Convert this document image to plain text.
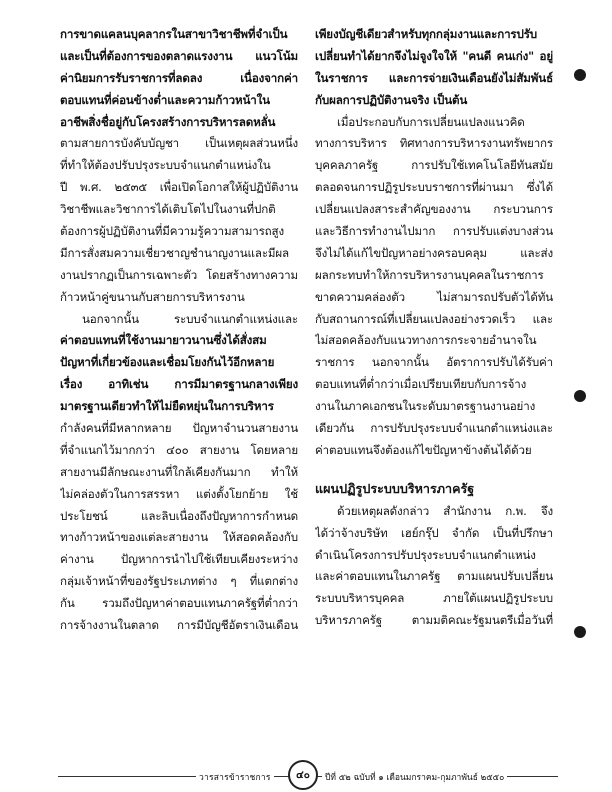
การขาดแคลนบุคลากรในสาขาวิชาชีพที่จำเป็น
และเป็นที่ต้องการของตลาดแรงงาน แนวโน้ม
ค่านิยมการรับราชการที่ลดลง เนื่องจากค่า
ตอบแทนที่ค่อนข้างต่ำและความก้าวหน้าใน
อาชีพสิ่งชื่อยู่กับโครงสร้างการบริหารลดหลั่น
ตามสายการบังคับบัญชา เป็นเหตุผลส่วนหนึ่ง
ที่ทำให้ต้องปรับปรุงระบบจำแนกตำแหน่งใน
ปี พ.ศ. ๒๕๓๕ เพื่อเปิดโอกาสให้ผู้ปฏิบัติงาน
วิชาชีพและวิชาการได้เติบโตไปในงานที่ปกติ
ต้องการผู้ปฏิบัติงานที่มีความรู้ความสามารถสูง
มีการสั่งสมความเชี่ยวชาญชำนาญงานและมีผล
งานปรากฏเป็นการเฉพาะตัว โดยสร้างทางความ
ก้าวหน้าคู่ขนานกับสายการบริหารงาน
นอกจากนั้น ระบบจำแนกตำแหน่งและ
ค่าตอบแทนที่ใช้งานมายาวนานซึ่งได้สั่งสม
ปัญหาที่เกี่ยวข้องและเชื่อมโยงกันไว้อีกหลาย
เรื่อง อาทิเช่น การมีมาตรฐานกลางเพียง
มาตรฐานเดียวทำให้ไม่ยืดหยุ่นในการบริหาร
กำลังคนที่มีหลากหลาย ปัญหาจำนวนสายงาน
ที่จำแนกไว้มากกว่า ๔๐๐ สายงาน โดยหลาย
สายงานมีลักษณะงานที่ใกล้เคียงกันมาก ทำให้
ไม่คล่องตัวในการสรรหา แต่งตั้งโยกย้าย ใช้
ประโยชน์ และลิบเนื่องถึงปัญหาการกำหนด
ทางก้าวหน้าของแต่ละสายงาน ให้สอดคล้องกับ
ค่างาน ปัญหาการนำไปใช้เทียบเคียงระหว่าง
กลุ่มเจ้าหน้าที่ของรัฐประเภทต่าง ๆ ที่แตกต่าง
กัน รวมถึงปัญหาค่าตอบแทนภาครัฐที่ต่ำกว่า
การจ้างงานในตลาด การมีบัญชีอัตราเงินเดือน
เพียงบัญชีเดียวสำหรับทุกกลุ่มงานและการปรับ
เปลี่ยนทำได้ยากจึงไม่จูงใจให้ "คนดี คนเก่ง" อยู่
ในราชการ และการจ่ายเงินเดือนยังไม่สัมพันธ์
กับผลการปฏิบัติงานจริง เป็นต้น
เมื่อประกอบกับการเปลี่ยนแปลงแนวคิด
ทางการบริหาร ทิศทางการบริหารงานทรัพยากร
บุคคลภาครัฐ การปรับใช้เทคโนโลยีทันสมัย
ตลอดจนการปฏิรูประบบราชการที่ผ่านมา ซึ่งได้
เปลี่ยนแปลงสาระสำคัญของงาน กระบวนการ
และวิธีการทำงานไปมาก การปรับแต่งบางส่วน
จึงไม่ได้แก้ไขปัญหาอย่างครอบคลุม และส่ง
ผลกระทบทำให้การบริหารงานบุคคลในราชการ
ขาดความคล่องตัว ไม่สามารถปรับตัวได้ทัน
กับสถานการณ์ที่เปลี่ยนแปลงอย่างรวดเร็ว และ
ไม่สอดคล้องกับแนวทางการกระจายอำนาจใน
ราชการ นอกจากนั้น อัตราการปรับได้รับค่า
ตอบแทนที่ต่ำกว่าเมื่อเปรียบเทียบกับการจ้าง
งานในภาคเอกชนในระดับมาตรฐานงานอย่าง
เดียวกัน การปรับปรุงระบบจำแนกตำแหน่งและ
ค่าตอบแทนจึงต้องแก้ไขปัญหาข้างต้นได้ด้วย
แผนปฏิรูประบบบริหารภาครัฐ
ด้วยเหตุผลดังกล่าว สำนักงาน ก.พ. จึง
ได้ว่าจ้างบริษัท เฮย์กรุ๊ป จำกัด เป็นที่ปรึกษา
ดำเนินโครงการปรับปรุงระบบจำแนกตำแหน่ง
และค่าตอบแทนในภาครัฐ ตามแผนปรับเปลี่ยน
ระบบบริหารบุคคล ภายใต้แผนปฏิรูประบบ
บริหารภาครัฐ ตามมติคณะรัฐมนตรีเมื่อวันที่
วารสารข้าราชการ	๔๐	ปีที่ ๕๒ ฉบับที่ ๑ เดือนมกราคม-กุมภาพันธ์ ๒๕๕๐
